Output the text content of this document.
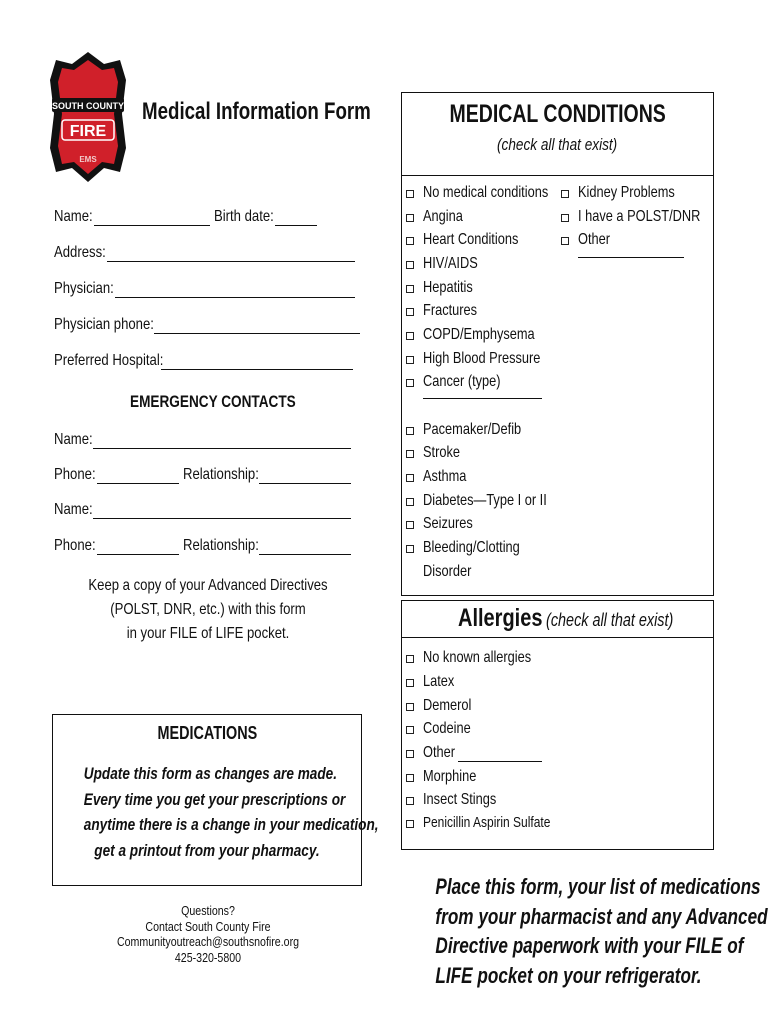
SOUTH COUNTY
FIRE
EMS
Medical Information Form
Name:	Birth date:
Address:
Physician:
Physician phone:
Preferred Hospital:
EMERGENCY CONTACTS
Name:
Phone:	Relationship:
Name:
Phone:	Relationship:
Keep a copy of your Advanced Directives
(POLST, DNR, etc.) with this form
in your FILE of LIFE pocket.
MEDICATIONS
Update this form as changes are made.
Every time you get your prescriptions or
anytime there is a change in your medication,
get a printout from your pharmacy.
Questions?
Contact South County Fire
Communityoutreach@southsnofire.org
425-320-5800
MEDICAL CONDITIONS
(check all that exist)
No medical conditions
Angina
Heart Conditions
HIV/AIDS
Hepatitis
Fractures
COPD/Emphysema
High Blood Pressure
Cancer (type)
Pacemaker/Defib
Stroke
Asthma
Diabetes—Type I or II
Seizures
Bleeding/Clotting
Disorder
Kidney Problems
I have a POLST/DNR
Other
Allergies (check all that exist)
No known allergies
Latex
Demerol
Codeine
Other
Morphine
Insect Stings
Penicillin Aspirin Sulfate
Place this form, your list of medications
from your pharmacist and any Advanced
Directive paperwork with your FILE of
LIFE pocket on your refrigerator.
